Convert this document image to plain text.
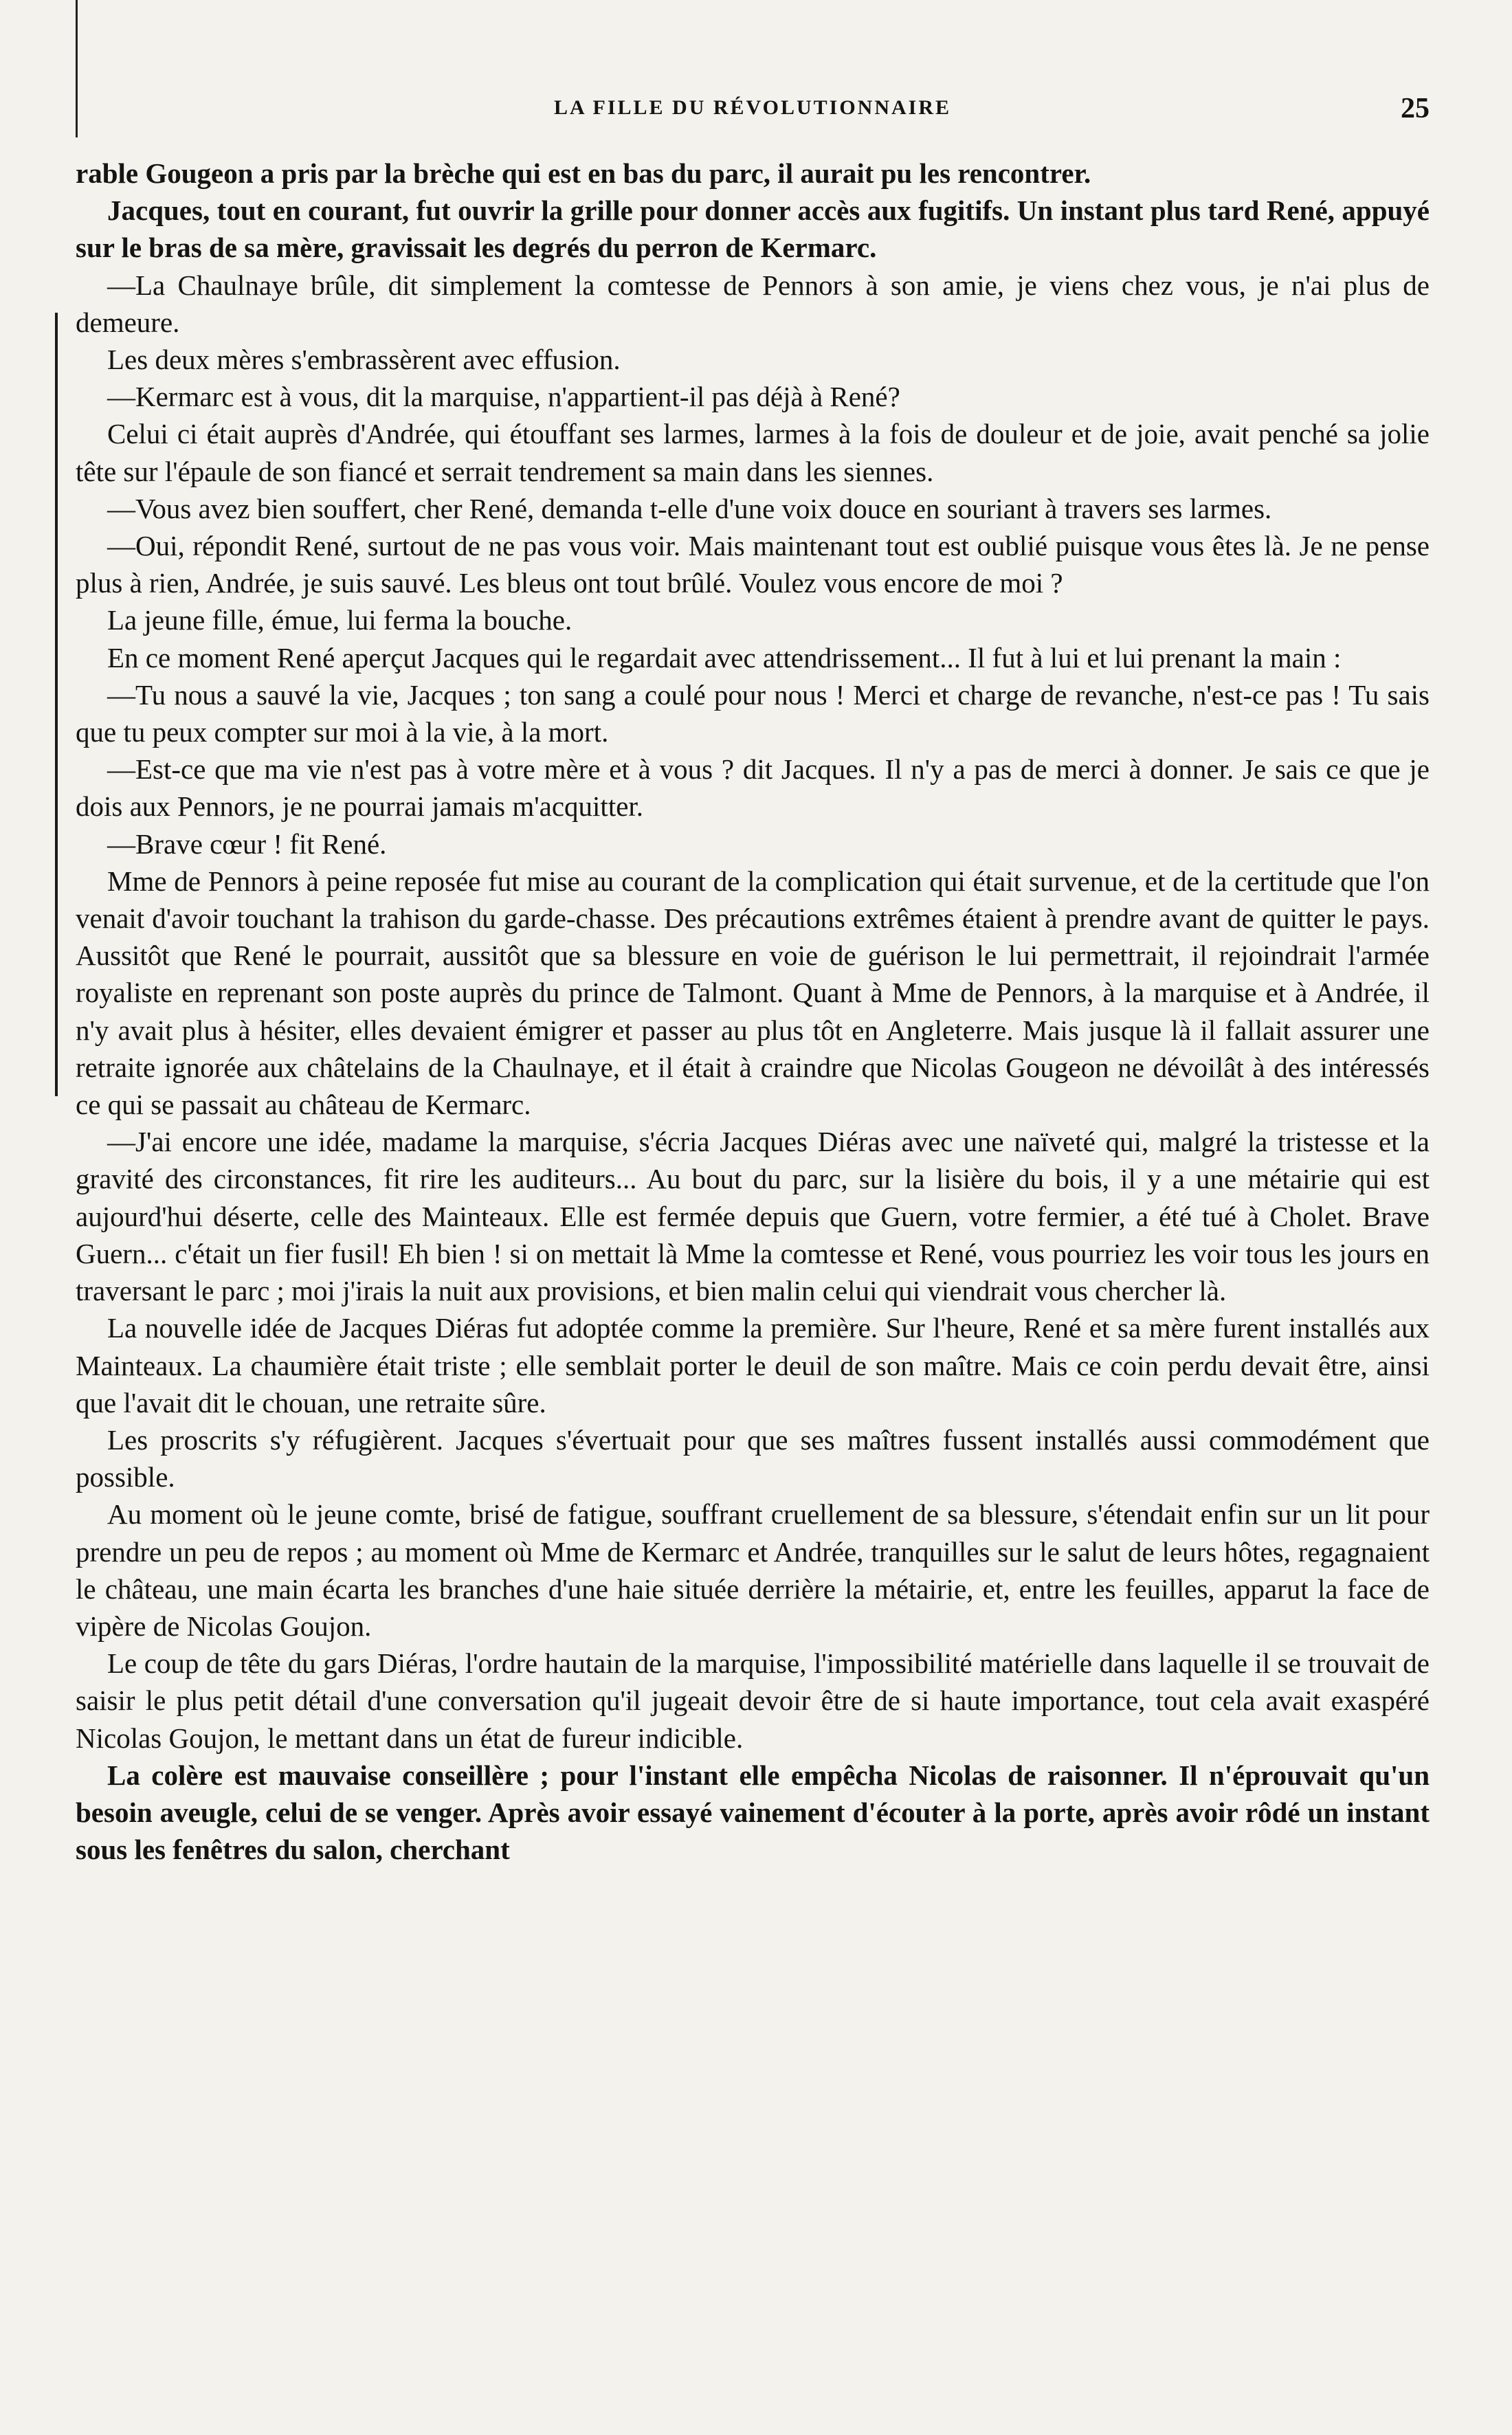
LA FILLE DU RÉVOLUTIONNAIRE	25

rable Gougeon a pris par la brèche qui est en bas du parc, il aurait pu les rencontrer.

Jacques, tout en courant, fut ouvrir la grille pour donner accès aux fugitifs. Un instant plus tard René, appuyé sur le bras de sa mère, gravissait les degrés du perron de Kermarc.

—La Chaulnaye brûle, dit simplement la comtesse de Pennors à son amie, je viens chez vous, je n'ai plus de demeure.

Les deux mères s'embrassèrent avec effusion.

—Kermarc est à vous, dit la marquise, n'appartient-il pas déjà à René?

Celui ci était auprès d'Andrée, qui étouffant ses larmes, larmes à la fois de douleur et de joie, avait penché sa jolie tête sur l'épaule de son fiancé et serrait tendrement sa main dans les siennes.

—Vous avez bien souffert, cher René, demanda t-elle d'une voix douce en souriant à travers ses larmes.

—Oui, répondit René, surtout de ne pas vous voir. Mais maintenant tout est oublié puisque vous êtes là. Je ne pense plus à rien, Andrée, je suis sauvé. Les bleus ont tout brûlé. Voulez vous encore de moi ?

La jeune fille, émue, lui ferma la bouche.

En ce moment René aperçut Jacques qui le regardait avec attendrissement... Il fut à lui et lui prenant la main :

—Tu nous a sauvé la vie, Jacques ; ton sang a coulé pour nous ! Merci et charge de revanche, n'est-ce pas ! Tu sais que tu peux compter sur moi à la vie, à la mort.

—Est-ce que ma vie n'est pas à votre mère et à vous ? dit Jacques. Il n'y a pas de merci à donner. Je sais ce que je dois aux Pennors, je ne pourrai jamais m'acquitter.

—Brave cœur ! fit René.

Mme de Pennors à peine reposée fut mise au courant de la complication qui était survenue, et de la certitude que l'on venait d'avoir touchant la trahison du garde-chasse. Des précautions extrêmes étaient à prendre avant de quitter le pays. Aussitôt que René le pourrait, aussitôt que sa blessure en voie de guérison le lui permettrait, il rejoindrait l'armée royaliste en reprenant son poste auprès du prince de Talmont. Quant à Mme de Pennors, à la marquise et à Andrée, il n'y avait plus à hésiter, elles devaient émigrer et passer au plus tôt en Angleterre. Mais jusque là il fallait assurer une retraite ignorée aux châtelains de la Chaulnaye, et il était à craindre que Nicolas Gougeon ne dévoilât à des intéressés ce qui se passait au château de Kermarc.

—J'ai encore une idée, madame la marquise, s'écria Jacques Diéras avec une naïveté qui, malgré la tristesse et la gravité des circonstances, fit rire les auditeurs... Au bout du parc, sur la lisière du bois, il y a une métairie qui est aujourd'hui déserte, celle des Mainteaux. Elle est fermée depuis que Guern, votre fermier, a été tué à Cholet. Brave Guern... c'était un fier fusil! Eh bien ! si on mettait là Mme la comtesse et René, vous pourriez les voir tous les jours en traversant le parc ; moi j'irais la nuit aux provisions, et bien malin celui qui viendrait vous chercher là.

La nouvelle idée de Jacques Diéras fut adoptée comme la première. Sur l'heure, René et sa mère furent installés aux Mainteaux. La chaumière était triste ; elle semblait porter le deuil de son maître. Mais ce coin perdu devait être, ainsi que l'avait dit le chouan, une retraite sûre.

Les proscrits s'y réfugièrent. Jacques s'évertuait pour que ses maîtres fussent installés aussi commodément que possible.

Au moment où le jeune comte, brisé de fatigue, souffrant cruellement de sa blessure, s'étendait enfin sur un lit pour prendre un peu de repos ; au moment où Mme de Kermarc et Andrée, tranquilles sur le salut de leurs hôtes, regagnaient le château, une main écarta les branches d'une haie située derrière la métairie, et, entre les feuilles, apparut la face de vipère de Nicolas Goujon.

Le coup de tête du gars Diéras, l'ordre hautain de la marquise, l'impossibilité matérielle dans laquelle il se trouvait de saisir le plus petit détail d'une conversation qu'il jugeait devoir être de si haute importance, tout cela avait exaspéré Nicolas Goujon, le mettant dans un état de fureur indicible.

La colère est mauvaise conseillère ; pour l'instant elle empêcha Nicolas de raisonner. Il n'éprouvait qu'un besoin aveugle, celui de se venger. Après avoir essayé vainement d'écouter à la porte, après avoir rôdé un instant sous les fenêtres du salon, cherchant
